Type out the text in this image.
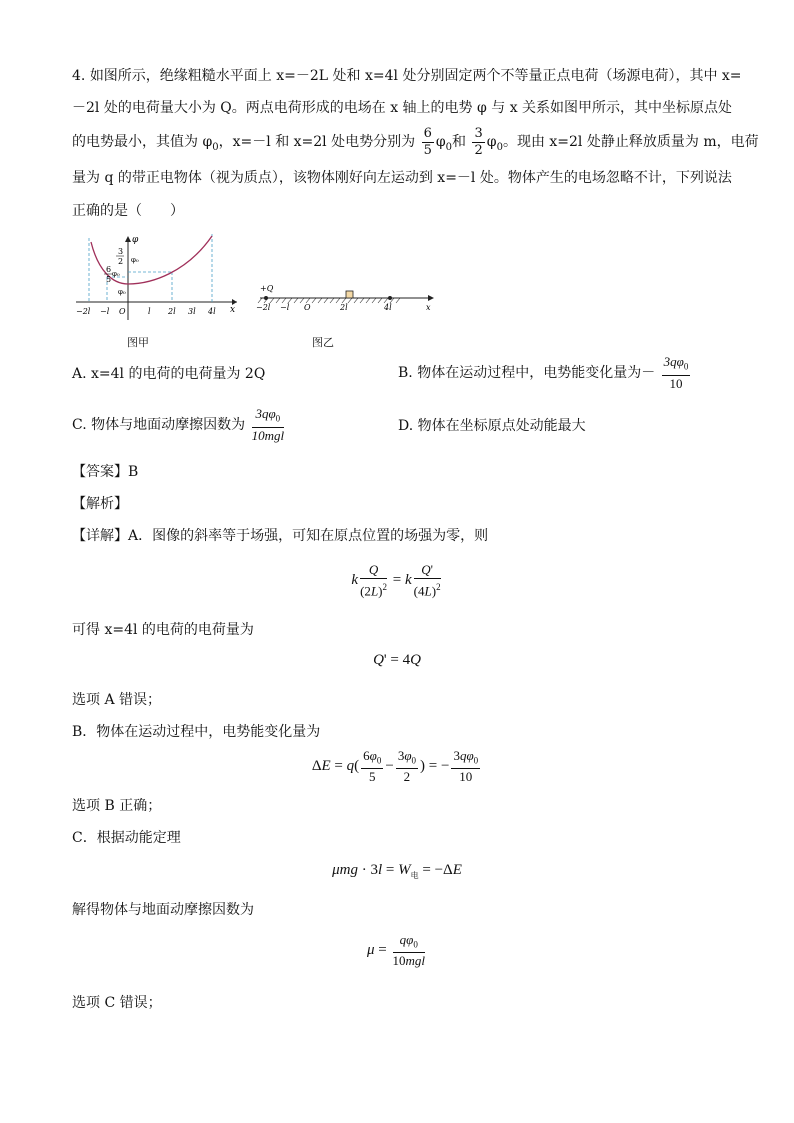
4. 如图所示，绝缘粗糙水平面上 x=－2L 处和 x=4l 处分别固定两个不等量正点电荷（场源电荷），其中 x=
－2l 处的电荷量大小为 Q。两点电荷形成的电场在 x 轴上的电势 φ 与 x 关系如图甲所示，其中坐标原点处
的电势最小，其值为 $\varphi_0$，x=－l 和 x=2l 处电势分别为 $\frac{6}{5} \varphi_0$和 $\frac{3}{2} \varphi_0$。现由 x=2l 处静止释放质量为 m，电荷
量为 q 的带正电物体（视为质点），该物体刚好向左运动到 x=－l 处。物体产生的电场忽略不计，下列说法
正确的是（　　）
φ
x
3
2 φ₀
6
5
φ₀
φ₀
−2l −l O	l 2l 3l 4l
图甲
+Q
−2l −l O	2l	4l	x
图乙
A. x=4l 的电荷的电荷量为 2Q	B. 物体在运动过程中，电势能变化量为－ $\frac{3q\varphi_0}{10}$
C. 物体与地面动摩擦因数为 $\frac{3q\varphi_0}{\text{10mgl}}$	D. 物体在坐标原点处动能最大
【答案】B
【解析】
【详解】A．图像的斜率等于场强，可知在原点位置的场强为零，则
k $\frac{Q}{(2L)^2} = k \frac{Q'}{(4L)^2}$
可得 x=4l 的电荷的电荷量为
Q' = 4Q
选项 A 错误；
B．物体在运动过程中，电势能变化量为
$\Delta E = q( \frac{6\varphi_0}{5} - \frac{3\varphi_0}{2}$ ) = − $\frac{3q\varphi_0}{10}$
选项 B 正确；
C．根据动能定理
$\mu mg \cdot 3l = W_电 = -\Delta E$
解得物体与地面动摩擦因数为
$\mu = \frac{q\varphi_0}{\text{10mgl}}$
选项 C 错误；
